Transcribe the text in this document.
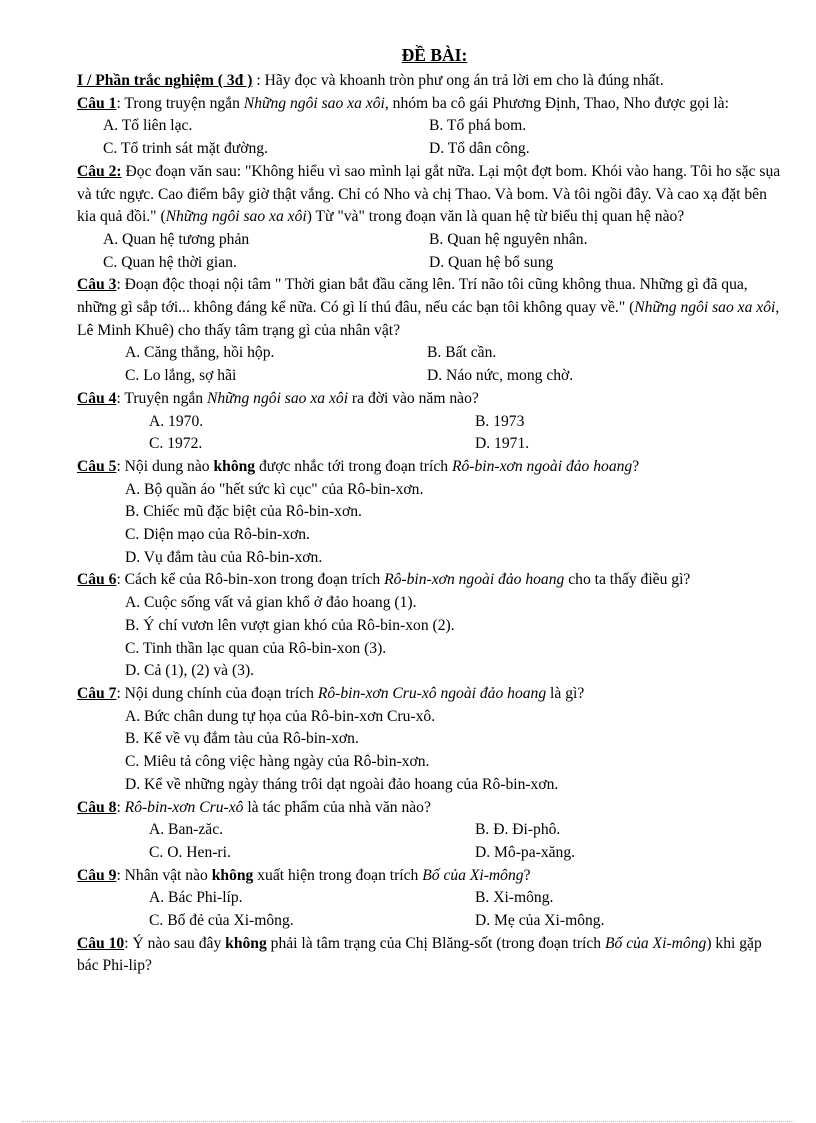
ĐỀ BÀI:
I / Phần trắc nghiệm ( 3đ ) : Hãy đọc và khoanh tròn phư ong án trả lời em cho là đúng nhất.
Câu 1: Trong truyện ngắn Những ngôi sao xa xôi, nhóm ba cô gái Phương Định, Thao, Nho được gọi là:
A. Tổ liên lạc.	B. Tổ phá bom.
C. Tổ trinh sát mặt đường.	D. Tổ dân công.
Câu 2: Đọc đoạn văn sau: "Không hiểu vì sao mình lại gắt nữa. Lại một đợt bom. Khói vào hang. Tôi ho sặc sụa và tức ngực. Cao điểm bây giờ thật vắng. Chỉ có Nho và chị Thao. Và bom. Và tôi ngồi đây. Và cao xạ đặt bên kia quả đồi." (Những ngôi sao xa xôi) Từ "và" trong đoạn văn là quan hệ từ biểu thị quan hệ nào?
A. Quan hệ tương phản	B. Quan hệ nguyên nhân.
C. Quan hệ thời gian.	D. Quan hệ bổ sung
Câu 3: Đoạn độc thoại nội tâm " Thời gian bắt đầu căng lên. Trí não tôi cũng không thua. Những gì đã qua, những gì sắp tới... không đáng kể nữa. Có gì lí thú đâu, nếu các bạn tôi không quay về." (Những ngôi sao xa xôi, Lê Minh Khuê) cho thấy tâm trạng gì của nhân vật?
A. Căng thẳng, hồi hộp.	B. Bất cần.
C. Lo lắng, sợ hãi	D. Náo nức, mong chờ.
Câu 4: Truyện ngắn Những ngôi sao xa xôi ra đời vào năm nào?
A. 1970.	B. 1973
C. 1972.	D. 1971.
Câu 5: Nội dung nào không được nhắc tới trong đoạn trích Rô-bin-xơn ngoài đảo hoang?
A. Bộ quần áo "hết sức kì cục" của Rô-bin-xơn.
B. Chiếc mũ đặc biệt của Rô-bin-xơn.
C. Diện mạo của Rô-bin-xơn.
D. Vụ đắm tàu của Rô-bin-xơn.
Câu 6: Cách kể của Rô-bin-xon trong đoạn trích Rô-bin-xơn ngoài đảo hoang cho ta thấy điều gì?
A. Cuộc sống vất vả gian khổ ở đảo hoang (1).
B. Ý chí vươn lên vượt gian khó của Rô-bin-xon (2).
C. Tinh thần lạc quan của Rô-bin-xon (3).
D. Cả (1), (2) và (3).
Câu 7: Nội dung chính của đoạn trích Rô-bin-xơn Cru-xô ngoài đảo hoang là gì?
A. Bức chân dung tự họa của Rô-bin-xơn Cru-xô.
B. Kể về vụ đắm tàu của Rô-bin-xơn.
C. Miêu tả công việc hàng ngày của Rô-bin-xơn.
D. Kể về những ngày tháng trôi dạt ngoài đảo hoang của Rô-bin-xơn.
Câu 8: Rô-bin-xơn Cru-xô là tác phẩm của nhà văn nào?
A. Ban-zăc.	B. Đ. Đi-phô.
C. O. Hen-ri.	D. Mô-pa-xăng.
Câu 9: Nhân vật nào không xuất hiện trong đoạn trích Bố của Xi-mông?
A. Bác Phi-líp.	B. Xi-mông.
C. Bố đẻ của Xi-mông.	D. Mẹ của Xi-mông.
Câu 10: Ý nào sau đây không phải là tâm trạng của Chị Blăng-sốt (trong đoạn trích Bố của Xi-mông) khi gặp bác Phi-lip?
